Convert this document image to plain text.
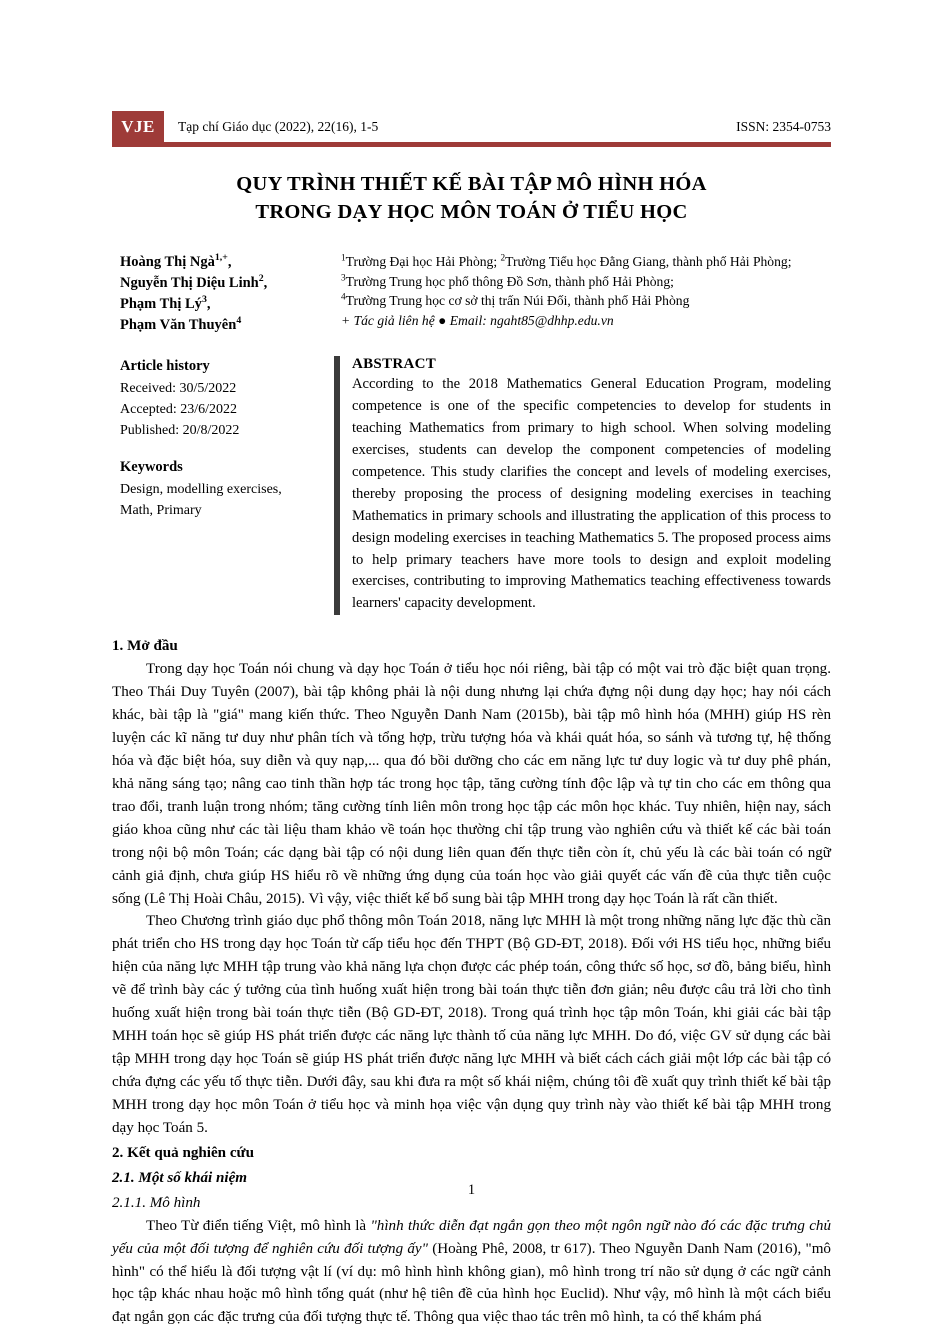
VJE	Tạp chí Giáo dục (2022), 22(16), 1-5	ISSN: 2354-0753
QUY TRÌNH THIẾT KẾ BÀI TẬP MÔ HÌNH HÓA
TRONG DẠY HỌC MÔN TOÁN Ở TIỂU HỌC
Hoàng Thị Ngà$^{1,+}$,
Nguyễn Thị Diệu Linh$^2$,
Phạm Thị $Lý^3$,
Phạm Văn Thuyên$^4$
$^1$Trường Đại học Hải Phòng; $^2$Trường Tiểu học Đằng Giang, thành phố Hải Phòng;
$^3$Trường Trung học phổ thông Đồ Sơn, thành phố Hải Phòng;
$^4$Trường Trung học cơ sở thị trấn Núi Đối, thành phố Hải Phòng
+ Tác giả liên hệ ● Email: ngaht85@dhhp.edu.vn
Article history
Received: 30/5/2022
Accepted: 23/6/2022
Published: 20/8/2022
Keywords
Design, modelling exercises,
Math, Primary
ABSTRACT
According to the 2018 Mathematics General Education Program, modeling competence is one of the specific competencies to develop for students in teaching Mathematics from primary to high school. When solving modeling exercises, students can develop the component competencies of modeling competence. This study clarifies the concept and levels of modeling exercises, thereby proposing the process of designing modeling exercises in teaching Mathematics in primary schools and illustrating the application of this process to design modeling exercises in teaching Mathematics 5. The proposed process aims to help primary teachers have more tools to design and exploit modeling exercises, contributing to improving Mathematics teaching effectiveness towards learners' capacity development.
1. Mở đầu

Trong dạy học Toán nói chung và dạy học Toán ở tiểu học nói riêng, bài tập có một vai trò đặc biệt quan trọng. Theo Thái Duy Tuyên (2007), bài tập không phải là nội dung nhưng lại chứa đựng nội dung dạy học; hay nói cách khác, bài tập là "giá" mang kiến thức. Theo Nguyễn Danh Nam (2015b), bài tập mô hình hóa (MHH) giúp HS rèn luyện các kĩ năng tư duy như phân tích và tổng hợp, trừu tượng hóa và khái quát hóa, so sánh và tương tự, hệ thống hóa và đặc biệt hóa, suy diễn và quy nạp,... qua đó bồi dưỡng cho các em năng lực tư duy logic và tư duy phê phán, khả năng sáng tạo; nâng cao tinh thần hợp tác trong học tập, tăng cường tính độc lập và tự tin cho các em thông qua trao đổi, tranh luận trong nhóm; tăng cường tính liên môn trong học tập các môn học khác. Tuy nhiên, hiện nay, sách giáo khoa cũng như các tài liệu tham khảo về toán học thường chỉ tập trung vào nghiên cứu và thiết kế các bài toán trong nội bộ môn Toán; các dạng bài tập có nội dung liên quan đến thực tiễn còn ít, chủ yếu là các bài toán có ngữ cảnh giả định, chưa giúp HS hiểu rõ về những ứng dụng của toán học vào giải quyết các vấn đề của thực tiễn cuộc sống (Lê Thị Hoài Châu, 2015). Vì vậy, việc thiết kế bổ sung bài tập MHH trong dạy học Toán là rất cần thiết.

Theo Chương trình giáo dục phổ thông môn Toán 2018, năng lực MHH là một trong những năng lực đặc thù cần phát triển cho HS trong dạy học Toán từ cấp tiểu học đến THPT (Bộ GD-ĐT, 2018). Đối với HS tiểu học, những biểu hiện của năng lực MHH tập trung vào khả năng lựa chọn được các phép toán, công thức số học, sơ đồ, bảng biểu, hình vẽ để trình bày các ý tưởng của tình huống xuất hiện trong bài toán thực tiễn đơn giản; nêu được câu trả lời cho tình huống xuất hiện trong bài toán thực tiễn (Bộ GD-ĐT, 2018). Trong quá trình học tập môn Toán, khi giải các bài tập MHH toán học sẽ giúp HS phát triển được các năng lực thành tố của năng lực MHH. Do đó, việc GV sử dụng các bài tập MHH trong dạy học Toán sẽ giúp HS phát triển được năng lực MHH và biết cách cách giải một lớp các bài tập có chứa đựng các yếu tố thực tiễn. Dưới đây, sau khi đưa ra một số khái niệm, chúng tôi đề xuất quy trình thiết kế bài tập MHH trong dạy học môn Toán ở tiểu học và minh họa việc vận dụng quy trình này vào thiết kế bài tập MHH trong dạy học Toán 5.

2. Kết quả nghiên cứu
2.1. Một số khái niệm
2.1.1. Mô hình

Theo Từ điển tiếng Việt, mô hình là "hình thức diễn đạt ngắn gọn theo một ngôn ngữ nào đó các đặc trưng chủ yếu của một đối tượng để nghiên cứu đối tượng ấy" (Hoàng Phê, 2008, tr 617). Theo Nguyễn Danh Nam (2016), "mô hình" có thể hiểu là đối tượng vật lí (ví dụ: mô hình hình không gian), mô hình trong trí não sử dụng ở các ngữ cảnh học tập khác nhau hoặc mô hình tổng quát (như hệ tiên đề của hình học Euclid). Như vậy, mô hình là một cách biểu đạt ngắn gọn các đặc trưng của đối tượng thực tế. Thông qua việc thao tác trên mô hình, ta có thể khám phá

1
